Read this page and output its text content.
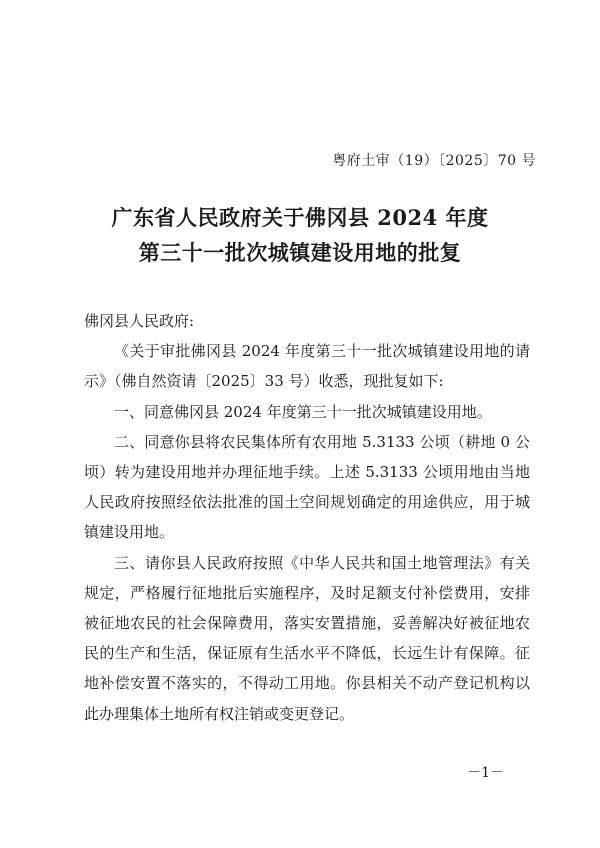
粤府土审（19）〔2025〕70 号
广东省人民政府关于佛冈县 2024 年度
第三十一批次城镇建设用地的批复

佛冈县人民政府:

《关于审批佛冈县 2024 年度第三十一批次城镇建设用地的请示》（佛自然资请〔2025〕33 号）收悉，现批复如下:

一、同意佛冈县 2024 年度第三十一批次城镇建设用地。

二、同意你县将农民集体所有农用地 5.3133 公顷（耕地 0 公顷）转为建设用地并办理征地手续。上述 5.3133 公顷用地由当地人民政府按照经依法批准的国土空间规划确定的用途供应，用于城镇建设用地。

三、请你县人民政府按照《中华人民共和国土地管理法》有关规定，严格履行征地批后实施程序，及时足额支付补偿费用，安排被征地农民的社会保障费用，落实安置措施，妥善解决好被征地农民的生产和生活，保证原有生活水平不降低，长远生计有保障。征地补偿安置不落实的，不得动工用地。你县相关不动产登记机构以此办理集体土地所有权注销或变更登记。

－1－
